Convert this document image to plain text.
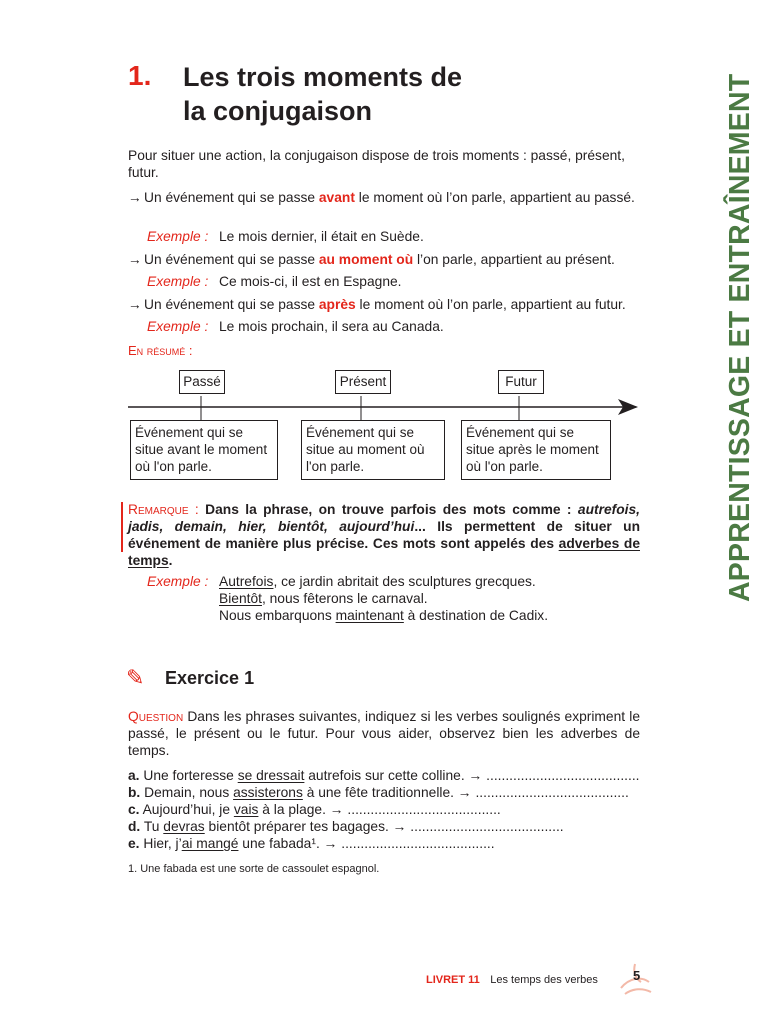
1. Les trois moments de
la conjugaison	APPRENTISSAGE ET ENTRAÎNEMENT
Pour situer une action, la conjugaison dispose de trois moments : passé, présent, futur.
→ Un événement qui se passe avant le moment où l’on parle, appartient au passé.
Exemple : Le mois dernier, il était en Suède.
→ Un événement qui se passe au moment où l’on parle, appartient au présent.
Exemple : Ce mois-ci, il est en Espagne.
→ Un événement qui se passe après le moment où l’on parle, appartient au futur.
Exemple : Le mois prochain, il sera au Canada.
En résumé :
Passé	Présent	Futur
Événement qui se situe avant le moment où l'on parle.
Événement qui se situe au moment où l'on parle.
Événement qui se situe après le moment où l'on parle.
Remarque : Dans la phrase, on trouve parfois des mots comme : autrefois, jadis, demain, hier, bientôt, aujourd’hui... Ils permettent de situer un événement de manière plus précise. Ces mots sont appelés des adverbes de temps.
Exemple : Autrefois, ce jardin abritait des sculptures grecques.
Bientôt, nous fêterons le carnaval.
Nous embarquons maintenant à destination de Cadix.
✎ Exercice 1
Question Dans les phrases suivantes, indiquez si les verbes soulignés expriment le passé, le présent ou le futur. Pour vous aider, observez bien les adverbes de temps.
a. Une forteresse se dressait autrefois sur cette colline. → ........................................
b. Demain, nous assisterons à une fête traditionnelle. → ........................................
c. Aujourd’hui, je vais à la plage. → ........................................
d. Tu devras bientôt préparer tes bagages. → ........................................
e. Hier, j’ai mangé une fabada¹. → ........................................
1. Une fabada est une sorte de cassoulet espagnol.
LIVRET 11 Les temps des verbes	5
